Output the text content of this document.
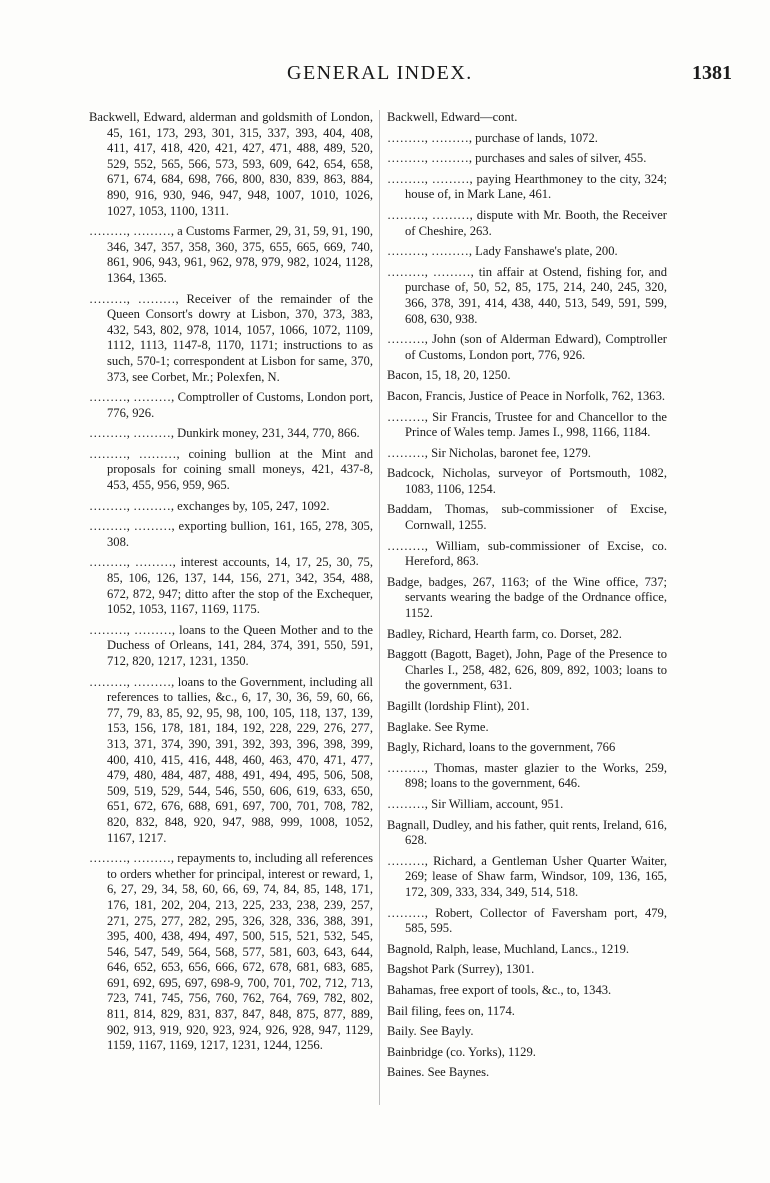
GENERAL INDEX.	1381

Backwell, Edward, alderman and goldsmith of London, 45, 161, 173, 293, 301, 315, 337, 393, 404, 408, 411, 417, 418, 420, 421, 427, 471, 488, 489, 520, 529, 552, 565, 566, 573, 593, 609, 642, 654, 658, 671, 674, 684, 698, 766, 800, 830, 839, 863, 884, 890, 916, 930, 946, 947, 948, 1007, 1010, 1026, 1027, 1053, 1100, 1311.

………, ………, a Customs Farmer, 29, 31, 59, 91, 190, 346, 347, 357, 358, 360, 375, 655, 665, 669, 740, 861, 906, 943, 961, 962, 978, 979, 982, 1024, 1128, 1364, 1365.

………, ………, Receiver of the remainder of the Queen Consort's dowry at Lisbon, 370, 373, 383, 432, 543, 802, 978, 1014, 1057, 1066, 1072, 1109, 1112, 1113, 1147-8, 1170, 1171; instructions to as such, 570-1; correspondent at Lisbon for same, 370, 373, see Corbet, Mr.; Polexfen, N.

………, ………, Comptroller of Customs, London port, 776, 926.

………, ………, Dunkirk money, 231, 344, 770, 866.

………, ………, coining bullion at the Mint and proposals for coining small moneys, 421, 437-8, 453, 455, 956, 959, 965.

………, ………, exchanges by, 105, 247, 1092.

………, ………, exporting bullion, 161, 165, 278, 305, 308.

………, ………, interest accounts, 14, 17, 25, 30, 75, 85, 106, 126, 137, 144, 156, 271, 342, 354, 488, 672, 872, 947; ditto after the stop of the Exchequer, 1052, 1053, 1167, 1169, 1175.

………, ………, loans to the Queen Mother and to the Duchess of Orleans, 141, 284, 374, 391, 550, 591, 712, 820, 1217, 1231, 1350.

………, ………, loans to the Government, including all references to tallies, &c., 6, 17, 30, 36, 59, 60, 66, 77, 79, 83, 85, 92, 95, 98, 100, 105, 118, 137, 139, 153, 156, 178, 181, 184, 192, 228, 229, 276, 277, 313, 371, 374, 390, 391, 392, 393, 396, 398, 399, 400, 410, 415, 416, 448, 460, 463, 470, 471, 477, 479, 480, 484, 487, 488, 491, 494, 495, 506, 508, 509, 519, 529, 544, 546, 550, 606, 619, 633, 650, 651, 672, 676, 688, 691, 697, 700, 701, 708, 782, 820, 832, 848, 920, 947, 988, 999, 1008, 1052, 1167, 1217.

………, ………, repayments to, including all references to orders whether for principal, interest or reward, 1, 6, 27, 29, 34, 58, 60, 66, 69, 74, 84, 85, 148, 171, 176, 181, 202, 204, 213, 225, 233, 238, 239, 257, 271, 275, 277, 282, 295, 326, 328, 336, 388, 391, 395, 400, 438, 494, 497, 500, 515, 521, 532, 545, 546, 547, 549, 564, 568, 577, 581, 603, 643, 644, 646, 652, 653, 656, 666, 672, 678, 681, 683, 685, 691, 692, 695, 697, 698-9, 700, 701, 702, 712, 713, 723, 741, 745, 756, 760, 762, 764, 769, 782, 802, 811, 814, 829, 831, 837, 847, 848, 875, 877, 889, 902, 913, 919, 920, 923, 924, 926, 928, 947, 1129, 1159, 1167, 1169, 1217, 1231, 1244, 1256.

Backwell, Edward—cont.

………, ………, purchase of lands, 1072.

………, ………, purchases and sales of silver, 455.

………, ………, paying Hearthmoney to the city, 324; house of, in Mark Lane, 461.

………, ………, dispute with Mr. Booth, the Receiver of Cheshire, 263.

………, ………, Lady Fanshawe's plate, 200.

………, ………, tin affair at Ostend, fishing for, and purchase of, 50, 52, 85, 175, 214, 240, 245, 320, 366, 378, 391, 414, 438, 440, 513, 549, 591, 599, 608, 630, 938.

………, John (son of Alderman Edward), Comptroller of Customs, London port, 776, 926.

Bacon, 15, 18, 20, 1250.

Bacon, Francis, Justice of Peace in Norfolk, 762, 1363.

………, Sir Francis, Trustee for and Chancellor to the Prince of Wales temp. James I., 998, 1166, 1184.

………, Sir Nicholas, baronet fee, 1279.

Badcock, Nicholas, surveyor of Portsmouth, 1082, 1083, 1106, 1254.

Baddam, Thomas, sub-commissioner of Excise, Cornwall, 1255.

………, William, sub-commissioner of Excise, co. Hereford, 863.

Badge, badges, 267, 1163; of the Wine office, 737; servants wearing the badge of the Ordnance office, 1152.

Badley, Richard, Hearth farm, co. Dorset, 282.

Baggott (Bagott, Baget), John, Page of the Presence to Charles I., 258, 482, 626, 809, 892, 1003; loans to the government, 631.

Bagillt (lordship Flint), 201.

Baglake. See Ryme.

Bagly, Richard, loans to the government, 766

………, Thomas, master glazier to the Works, 259, 898; loans to the government, 646.

………, Sir William, account, 951.

Bagnall, Dudley, and his father, quit rents, Ireland, 616, 628.

………, Richard, a Gentleman Usher Quarter Waiter, 269; lease of Shaw farm, Windsor, 109, 136, 165, 172, 309, 333, 334, 349, 514, 518.

………, Robert, Collector of Faversham port, 479, 585, 595.

Bagnold, Ralph, lease, Muchland, Lancs., 1219.

Bagshot Park (Surrey), 1301.

Bahamas, free export of tools, &c., to, 1343.

Bail filing, fees on, 1174.

Baily. See Bayly.

Bainbridge (co. Yorks), 1129.

Baines. See Baynes.
